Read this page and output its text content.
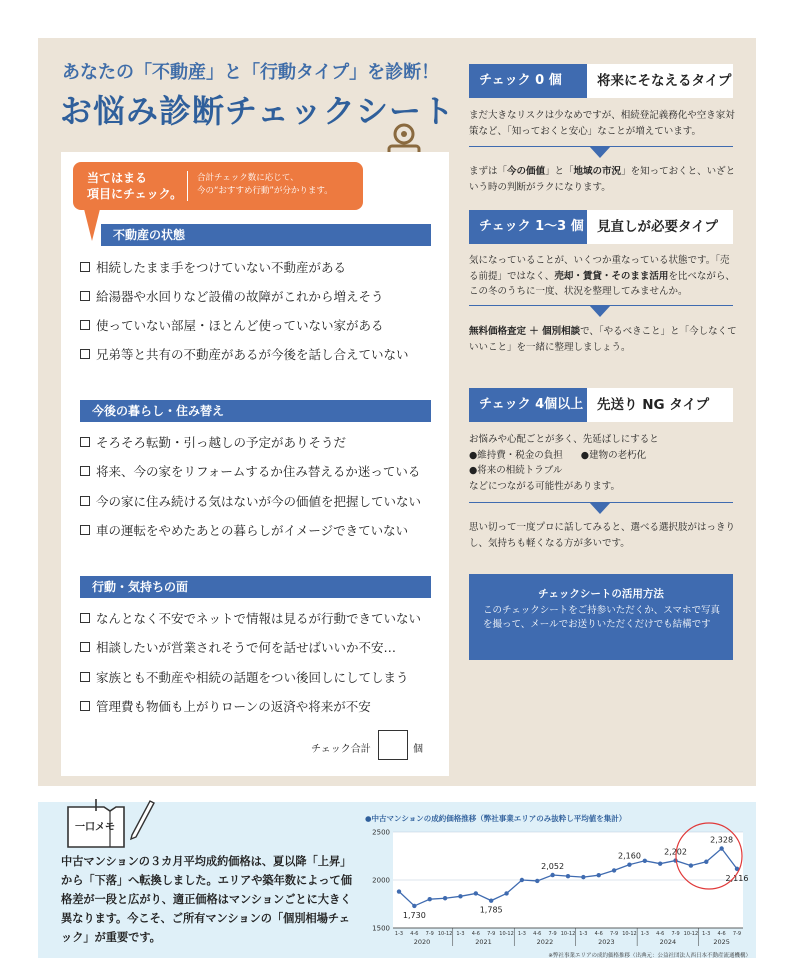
あなたの「不動産」と「行動タイプ」を診断！
お悩み診断チェックシート
当てはまる
項目にチェック。
合計チェック数に応じて、
今の“おすすめ行動”が分かります。
不動産の状態
相続したまま手をつけていない不動産がある
給湯器や水回りなど設備の故障がこれから増えそう
使っていない部屋・ほとんど使っていない家がある
兄弟等と共有の不動産があるが今後を話し合えていない
今後の暮らし・住み替え
そろそろ転勤・引っ越しの予定がありそうだ
将来、今の家をリフォームするか住み替えるか迷っている
今の家に住み続ける気はないが今の価値を把握していない
車の運転をやめたあとの暮らしがイメージできていない
行動・気持ちの面
なんとなく不安でネットで情報は見るが行動できていない
相談したいが営業されそうで何を話せばいいか不安…
家族とも不動産や相続の話題をつい後回しにしてしまう
管理費も物価も上がりローンの返済や将来が不安
チェック合計	個
チェック 0 個	将来にそなえるタイプ
まだ大きなリスクは少なめですが、相続登記義務化や空き家対策など、「知っておくと安心」なことが増えています。
まずは「今の価値」と「地域の市況」を知っておくと、いざという時の判断がラクになります。
チェック 1〜3 個 見直しが必要タイプ
気になっていることが、いくつか重なっている状態です。「売る前提」ではなく、売却・賃貸・そのまま活用を比べながら、この冬のうちに一度、状況を整理してみませんか。
無料価格査定 ＋ 個別相談で、「やるべきこと」と「今しなくていいこと」を一緒に整理しましょう。
チェック 4個以上 先送り NG タイプ
お悩みや心配ごとが多く、先延ばしにすると
●維持費・税金の負担 ●建物の老朽化
●将来の相続トラブル
などにつながる可能性があります。
思い切って一度プロに話してみると、選べる選択肢がはっきりし、気持ちも軽くなる方が多いです。
チェックシートの活用方法
このチェックシートをご持参いただくか、スマホで写真を撮って、メールでお送りいただくだけでも結構です
一口メモ
中古マンションの３カ月平均成約価格は、夏以降「上昇」から「下落」へ転換しました。エリアや築年数によって価格差が一段と広がり、適正価格はマンションごとに大きく異なります。今こそ、ご所有マンションの「個別相場チェック」が重要です。
●中古マンションの成約価格推移（弊社事業エリアのみ抜粋し平均値を集計）
2500
2000
1500
1,730
1,785
2,052
2,160	2,202
2,328
2,116
1-3 4-6 7-9 10-12 1-3 4-6 7-9 10-12 1-3 4-6 7-9 10-12 1-3 4-6 7-9 10-12 1-3 4-6 7-9 10-12 1-3 4-6 7-9
2020	2021	2022	2023	2024	2025
※弊社事業エリアの成約価格推移（出典元：公益社団法人西日本不動産流通機構）
